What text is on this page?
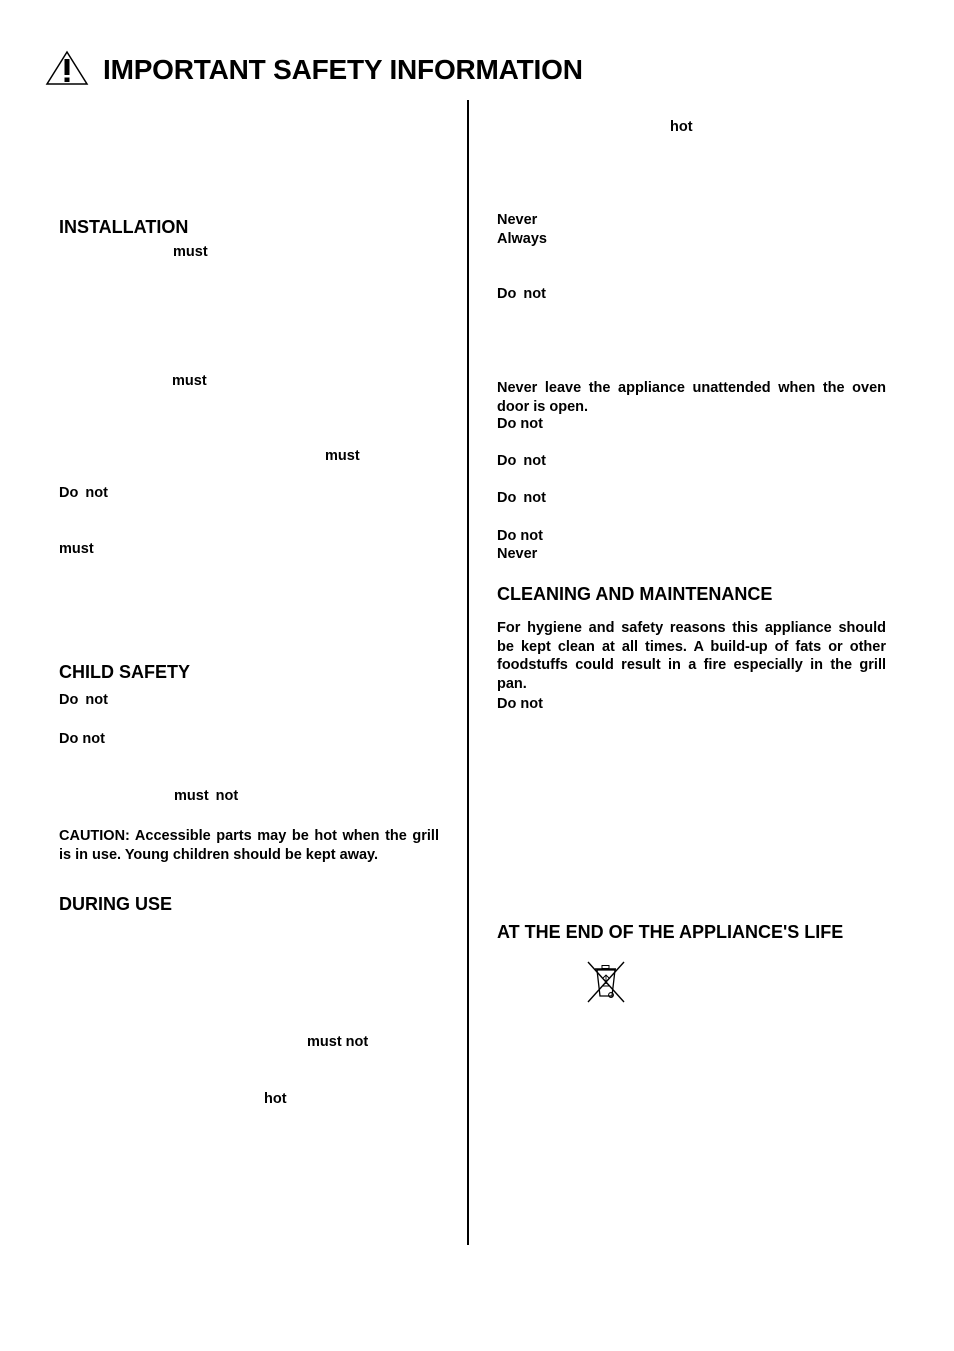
IMPORTANT SAFETY INFORMATION
INSTALLATION
must
must
must
Do not
must
CHILD SAFETY
Do not
Do not
must not
CAUTION: Accessible parts may be hot when the grill is in use. Young children should be kept away.
DURING USE
must not
hot
hot
Never
Always
Do not
Never leave the appliance unattended when the oven door is open.
Do not
Do not
Do not
Do not
Never
CLEANING AND MAINTENANCE
For hygiene and safety reasons this appliance should be kept clean at all times. A build-up of fats or other foodstuffs could result in a fire especially in the grill pan.
Do not
AT THE END OF THE APPLIANCE'S LIFE
